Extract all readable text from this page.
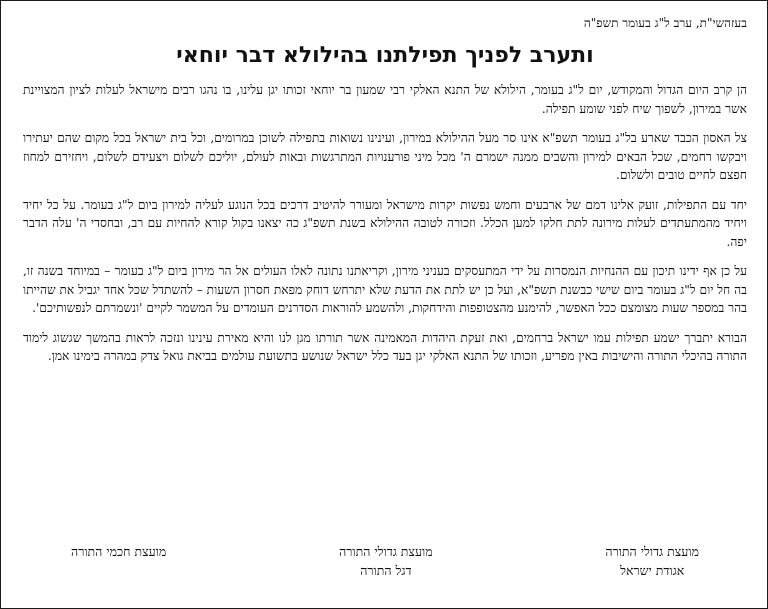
בעזהשי"ת, ערב ל"ג בעומר תשפ"ה
ותערב לפניך תפילתנו בהילולא דבר יוחאי

הן קרב היום הגדול והמקודש, יום ל"ג בעומר, הילולא של התנא האלקי רבי שמעון בר יוחאי זכותו יגן עלינו, בו נהגו רבים מישראל לעלות לציון המצויינת אשר במירון, לשפוך שיח לפני שומע תפילה.

צל האסון הכבד שארע בל"ג בעומר תשפ"א אינו סר מעל ההילולא במירון, ועינינו נשואות בתפילה לשוכן במרומים, וכל בית ישראל בכל מקום שהם יעתירו ויבקשו רחמים, שכל הבאים למירון והשבים ממנה ישמרם ה' מכל מיני פורענויות המתרגשות ובאות לעולם, יוליכם לשלום ויצעידם לשלום, ויחזירם למחוז חפצם לחיים טובים ולשלום.

יחד עם התפילות, זועק אלינו דמם של ארבעים וחמש נפשות יקרות מישראל ומעורר להיטיב דרכים בכל הנוגע לעליה למירון ביום ל"ג בעומר. על כל יחיד ויחיד מהמתעתדים לעלות מירונה לתת חלקו למען הכלל. וזכורה לטובה ההילולא בשנת תשפ"ג כה יצאנו בקול קורא להחיות עם רב, ובחסדי ה' עלה הדבר יפה.

על כן אף ידינו תיכון עם ההנחיות הנמסרות על ידי המתעסקים בעניני מירון, וקריאתנו נתונה לאלו העולים אל הר מירון ביום ל"ג בעומר – במיוחד בשנה זו, בה חל יום ל"ג בעומר ביום שישי כבשנת תשפ"א, ועל כן יש לתת את הדעת שלא יתרחש דוחק מפאת חסרון השעות – להשתדל שכל אחד יגביל את שהייתו בהר במספר שעות מצומצם ככל האפשר, להימנע מהצטופפות והידחקות, ולהשמע להוראות הסדרנים העומדים על המשמר לקיים 'ונשמרתם לנפשותיכם'.

הבורא יתברך ישמע תפילות עמו ישראל ברחמים, ואת זעקת היהדות המאמינה אשר תורתו מגן לנו והיא מאירת עינינו ונזכה לראות בהמשך שגשוג לימוד התורה בהיכלי התורה והישיבות באין מפריע, וזכותו של התנא האלקי יגן בעד כלל ישראל שנושע בתשועת עולמים בביאת גואל צדק במהרה בימינו אמן.

מועצת גדולי התורה
אגודת ישראל
מועצת גדולי התורה
דגל התורה
מועצת חכמי התורה
